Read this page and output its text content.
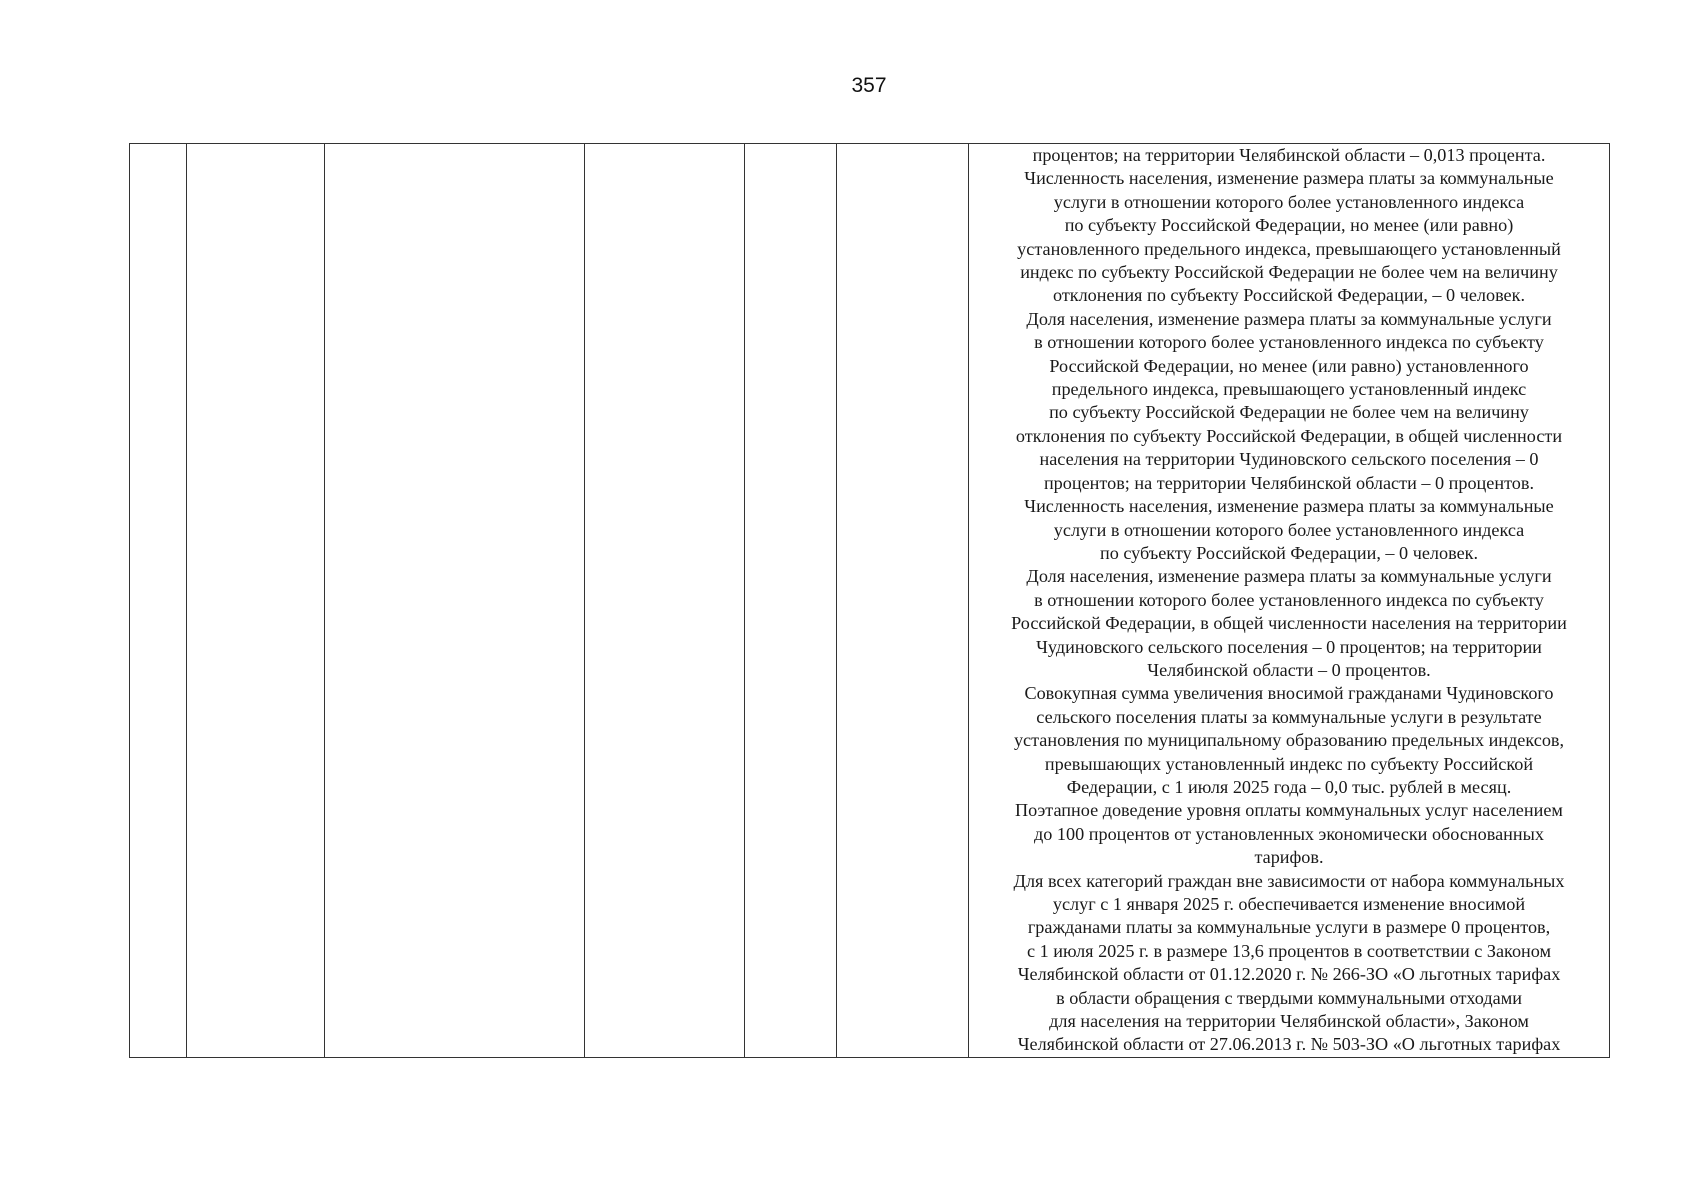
357

процентов; на территории Челябинской области – 0,013 процента.
Численность населения, изменение размера платы за коммунальные
услуги в отношении которого более установленного индекса
по субъекту Российской Федерации, но менее (или равно)
установленного предельного индекса, превышающего установленный
индекс по субъекту Российской Федерации не более чем на величину
отклонения по субъекту Российской Федерации, – 0 человек.
Доля населения, изменение размера платы за коммунальные услуги
в отношении которого более установленного индекса по субъекту
Российской Федерации, но менее (или равно) установленного
предельного индекса, превышающего установленный индекс
по субъекту Российской Федерации не более чем на величину
отклонения по субъекту Российской Федерации, в общей численности
населения на территории Чудиновского сельского поселения – 0
процентов; на территории Челябинской области – 0 процентов.
Численность населения, изменение размера платы за коммунальные
услуги в отношении которого более установленного индекса
по субъекту Российской Федерации, – 0 человек.
Доля населения, изменение размера платы за коммунальные услуги
в отношении которого более установленного индекса по субъекту
Российской Федерации, в общей численности населения на территории
Чудиновского сельского поселения – 0 процентов; на территории
Челябинской области – 0 процентов.
Совокупная сумма увеличения вносимой гражданами Чудиновского
сельского поселения платы за коммунальные услуги в результате
установления по муниципальному образованию предельных индексов,
превышающих установленный индекс по субъекту Российской
Федерации, с 1 июля 2025 года – 0,0 тыс. рублей в месяц.
Поэтапное доведение уровня оплаты коммунальных услуг населением
до 100 процентов от установленных экономически обоснованных
тарифов.
Для всех категорий граждан вне зависимости от набора коммунальных
услуг с 1 января 2025 г. обеспечивается изменение вносимой
гражданами платы за коммунальные услуги в размере 0 процентов,
с 1 июля 2025 г. в размере 13,6 процентов в соответствии с Законом
Челябинской области от 01.12.2020 г. № 266-ЗО «О льготных тарифах
в области обращения с твердыми коммунальными отходами
для населения на территории Челябинской области», Законом
Челябинской области от 27.06.2013 г. № 503-ЗО «О льготных тарифах
